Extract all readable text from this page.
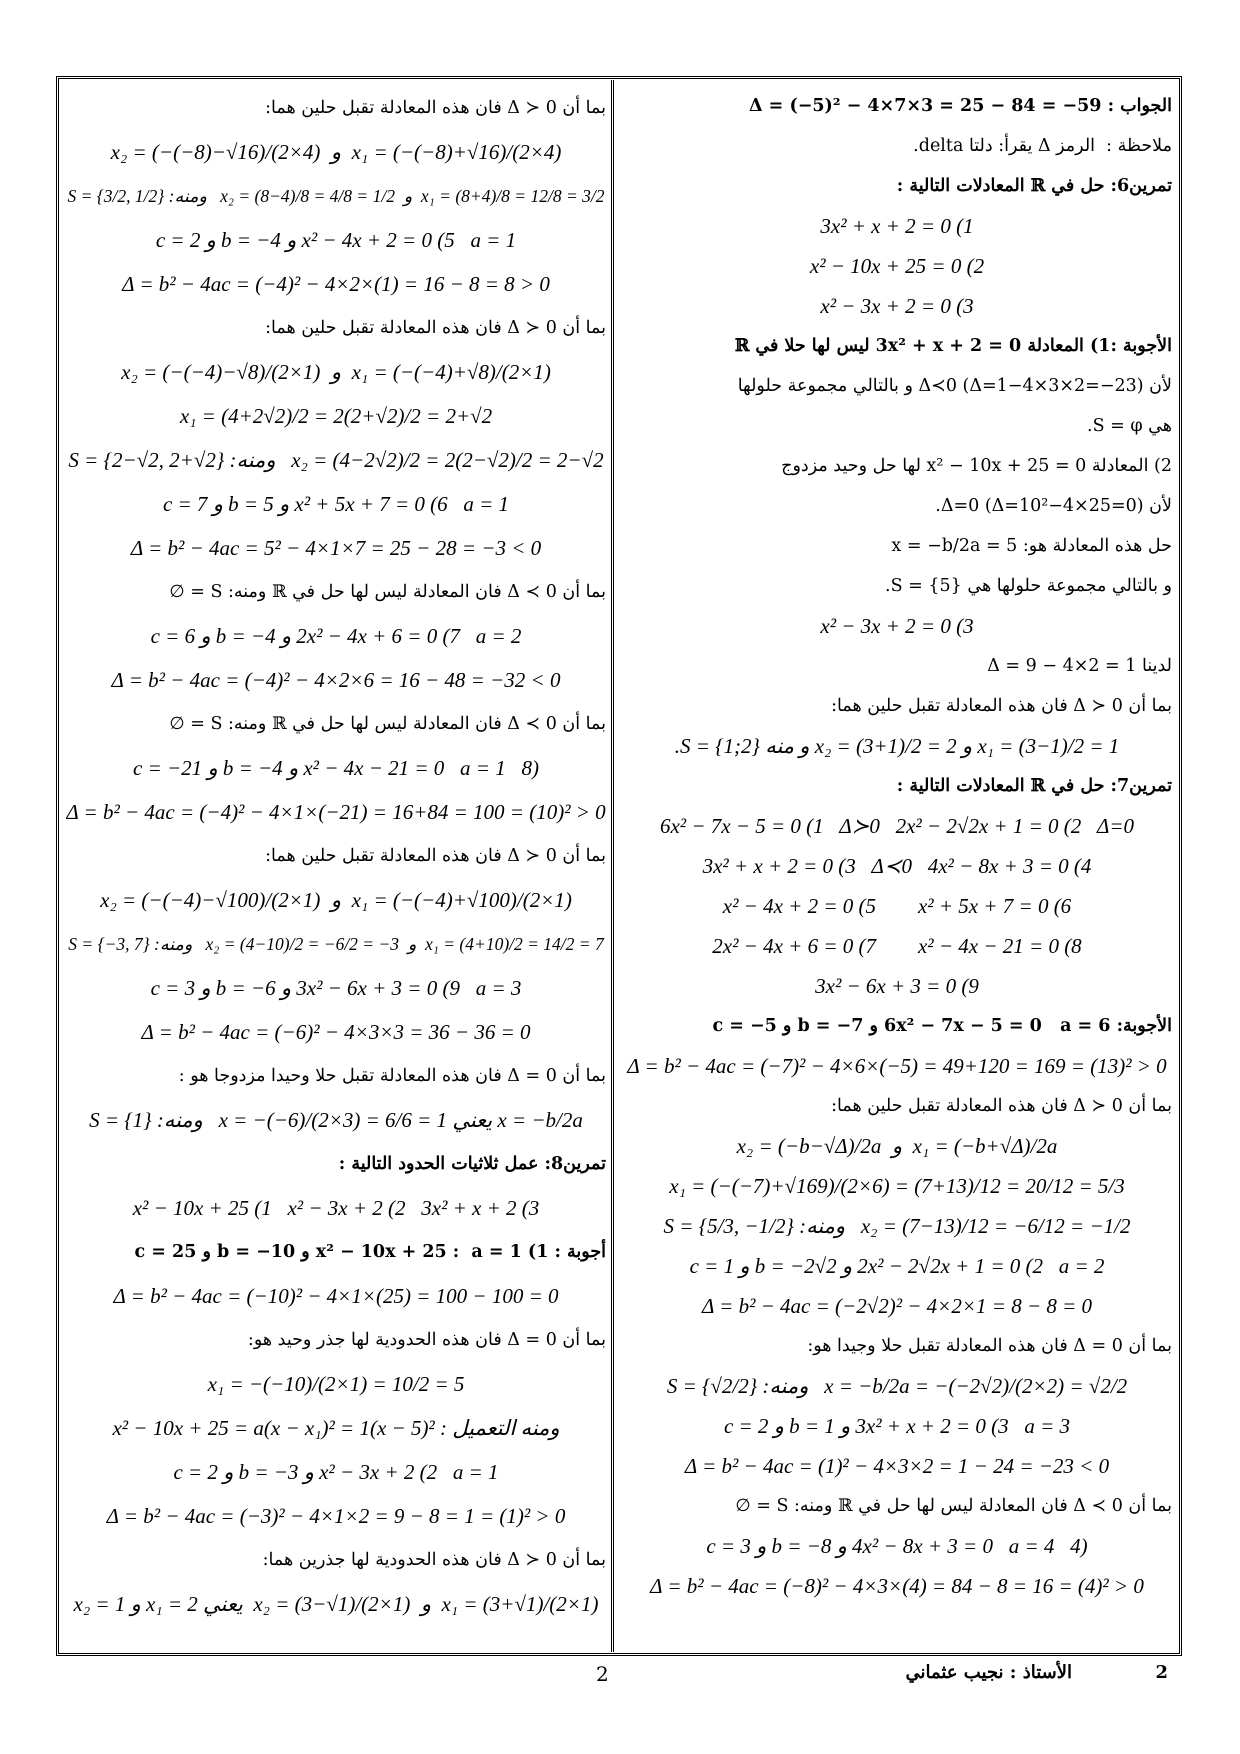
الجواب : Δ = (−5)² − 4×7×3 = 25 − 84 = −59
ملاحظة :  الرمز Δ يقرأ: دلتا delta.
تمرين6: حل في ℝ المعادلات التالية :
3x² + x + 2 = 0 (1
x² − 10x + 25 = 0 (2
x² − 3x + 2 = 0 (3
الأجوبة :1) المعادلة 3x² + x + 2 = 0 ليس لها حلا في ℝ
لأن Δ≺0 (Δ=1−4×3×2=−23) و بالتالي مجموعة حلولها
هي S = φ.
2) المعادلة x² − 10x + 25 = 0 لها حل وحيد مزدوج
لأن Δ=0 (Δ=10²−4×25=0).
حل هذه المعادلة هو: x = −b/2a = 5
و بالتالي مجموعة حلولها هي S = {5}.
x² − 3x + 2 = 0 (3
لدينا Δ = 9 − 4×2 = 1
بما أن Δ ≻ 0 فان هذه المعادلة تقبل حلين هما:
x₁ = (3−1)/2 = 1 و x₂ = (3+1)/2 = 2 و منه S = {1;2}.
تمرين7: حل في ℝ المعادلات التالية :
6x² − 7x − 5 = 0 (1   Δ≻0   2x² − 2√2x + 1 = 0 (2   Δ=0
3x² + x + 2 = 0 (3   Δ≺0   4x² − 8x + 3 = 0 (4
x² − 4x + 2 = 0 (5        x² + 5x + 7 = 0 (6
2x² − 4x + 6 = 0 (7        x² − 4x − 21 = 0 (8
3x² − 6x + 3 = 0 (9
الأجوبة: 6x² − 7x − 5 = 0   a = 6 و b = −7 و c = −5
Δ = b² − 4ac = (−7)² − 4×6×(−5) = 49+120 = 169 = (13)² > 0
بما أن Δ ≻ 0 فان هذه المعادلة تقبل حلين هما:
x₁ = (−b+√Δ)/2a  و  x₂ = (−b−√Δ)/2a
x₁ = (−(−7)+√169)/(2×6) = (7+13)/12 = 20/12 = 5/3
x₂ = (7−13)/12 = −6/12 = −1/2   ومنه: S = {5/3, −1/2}
2x² − 2√2x + 1 = 0 (2   a = 2 و b = −2√2 و c = 1
Δ = b² − 4ac = (−2√2)² − 4×2×1 = 8 − 8 = 0
بما أن Δ = 0 فان هذه المعادلة تقبل حلا وجيدا هو:
x = −b/2a = −(−2√2)/(2×2) = √2/2   ومنه: S = {√2/2}
3x² + x + 2 = 0 (3   a = 3 و b = 1 و c = 2
Δ = b² − 4ac = (1)² − 4×3×2 = 1 − 24 = −23 < 0
بما أن Δ ≺ 0 فان المعادلة ليس لها حل في ℝ ومنه: S = ∅
(4   4x² − 8x + 3 = 0   a = 4 و b = −8 و c = 3
Δ = b² − 4ac = (−8)² − 4×3×(4) = 84 − 8 = 16 = (4)² > 0
بما أن Δ ≻ 0 فان هذه المعادلة تقبل حلين هما:
x₁ = (−(−8)+√16)/(2×4)  و  x₂ = (−(−8)−√16)/(2×4)
x₁ = (8+4)/8 = 12/8 = 3/2  و  x₂ = (8−4)/8 = 4/8 = 1/2   ومنه: S = {3/2, 1/2}
x² − 4x + 2 = 0 (5   a = 1 و b = −4 و c = 2
Δ = b² − 4ac = (−4)² − 4×2×(1) = 16 − 8 = 8 > 0
بما أن Δ ≻ 0 فان هذه المعادلة تقبل حلين هما:
x₁ = (−(−4)+√8)/(2×1)  و  x₂ = (−(−4)−√8)/(2×1)
x₁ = (4+2√2)/2 = 2(2+√2)/2 = 2+√2
x₂ = (4−2√2)/2 = 2(2−√2)/2 = 2−√2   ومنه: S = {2−√2, 2+√2}
x² + 5x + 7 = 0 (6   a = 1 و b = 5 و c = 7
Δ = b² − 4ac = 5² − 4×1×7 = 25 − 28 = −3 < 0
بما أن Δ ≺ 0 فان المعادلة ليس لها حل في ℝ ومنه: S = ∅
2x² − 4x + 6 = 0 (7   a = 2 و b = −4 و c = 6
Δ = b² − 4ac = (−4)² − 4×2×6 = 16 − 48 = −32 < 0
بما أن Δ ≺ 0 فان المعادلة ليس لها حل في ℝ ومنه: S = ∅
(8   x² − 4x − 21 = 0   a = 1 و b = −4 و c = −21
Δ = b² − 4ac = (−4)² − 4×1×(−21) = 16+84 = 100 = (10)² > 0
بما أن Δ ≻ 0 فان هذه المعادلة تقبل حلين هما:
x₁ = (−(−4)+√100)/(2×1)  و  x₂ = (−(−4)−√100)/(2×1)
x₁ = (4+10)/2 = 14/2 = 7  و  x₂ = (4−10)/2 = −6/2 = −3   ومنه: S = {−3, 7}
3x² − 6x + 3 = 0 (9   a = 3 و b = −6 و c = 3
Δ = b² − 4ac = (−6)² − 4×3×3 = 36 − 36 = 0
بما أن Δ = 0 فان هذه المعادلة تقبل حلا وحيدا مزدوجا هو :
x = −b/2a يعني x = −(−6)/(2×3) = 6/6 = 1   ومنه: S = {1}
تمرين8: عمل ثلاثيات الحدود التالية :
x² − 10x + 25 (1   x² − 3x + 2 (2   3x² + x + 2 (3
أجوبة : 1) x² − 10x + 25 :  a = 1 و b = −10 و c = 25
Δ = b² − 4ac = (−10)² − 4×1×(25) = 100 − 100 = 0
بما أن Δ = 0 فان هذه الحدودية لها جذر وحيد هو:
x₁ = −(−10)/(2×1) = 10/2 = 5
ومنه التعميل : x² − 10x + 25 = a(x − x₁)² = 1(x − 5)²
x² − 3x + 2 (2   a = 1 و b = −3 و c = 2
Δ = b² − 4ac = (−3)² − 4×1×2 = 9 − 8 = 1 = (1)² > 0
بما أن Δ ≻ 0 فان هذه الحدودية لها جذرين هما:
x₁ = (3+√1)/(2×1)  و  x₂ = (3−√1)/(2×1)  يعني x₁ = 2 و x₂ = 1
2
الأستاذ : نجيب عثماني
2
